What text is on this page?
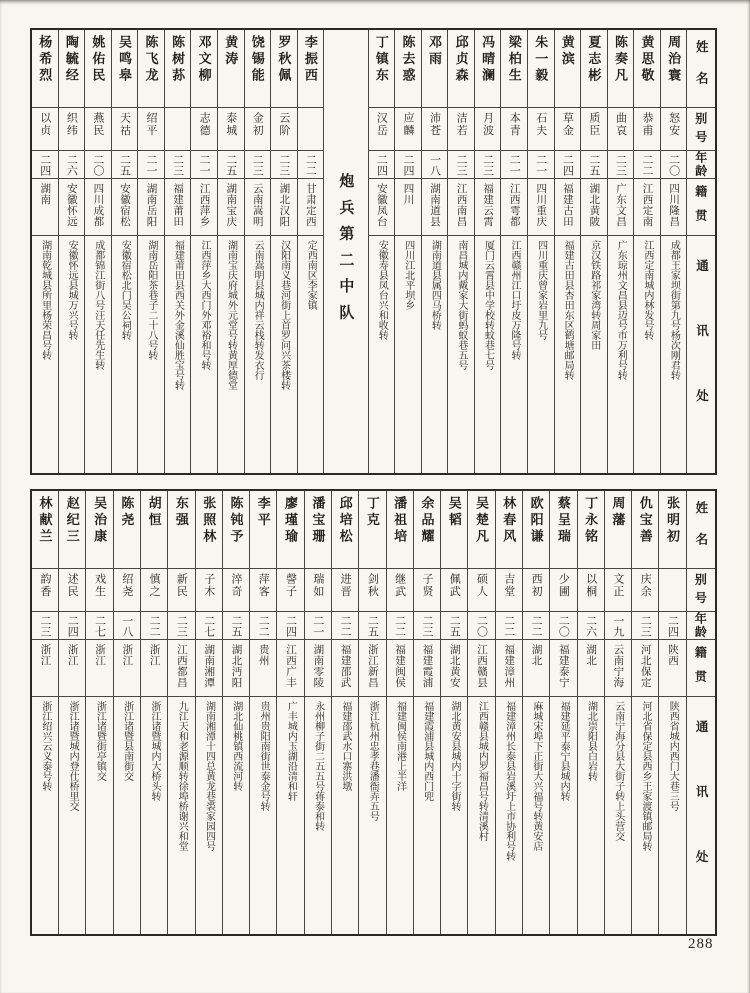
姓名
别号
年龄
籍贯
通讯处
周治寰
怒安
二〇
四川隆昌
成都王家坝街第九号杨次刚君转
黄思敬
恭甫
二二
江西定南
江西定南城内林发号转
陈奏凡
曲哀
二三
广东文昌
广东琼州文昌县迈号市万利号转
夏志彬
质臣
二五
湖北黄陂
京汉铁路祁家湾转周家田
黄滨
草金
二四
福建古田
福建古田县杏田东区鹤塘邮局转
朱一毅
石夫
二一
四川重庆
四川重庆曾家岩里九号
梁柏生
本青
二一
江西雩都
江西赣州江口圩皮万隆号转
冯晴澜
月波
二三
福建云霄
厦门云霄县中学校转蚊巷七号
邱贞森
洁若
二三
江西南昌
南昌城内戴家大街蚂蚁巷五号
邓雨
沛苍
一八
湖南道县
湖南道县属四马桥转
陈去惑
应麟
二四
四川
四川江北平坝乡
丁镇东
汉岳
二四
安徽凤台
安徽寿县凤台兴和收转
炮兵第二中队
李振西
二二
甘肃定西
定西南区李家镇
罗秋佩
云阶
二三
湖北汉阳
汉阳南义巷河街上首罗问兴茶楼转
饶锡能
金初
二三
云南嵩明
云南嵩明县城内祥云栈转发衣行
黄涛
泰城
二五
湖南宝庆
湖南宝庆府城外元堂号转黄厚德堂
邓文柳
志德
二一
江西萍乡
江西萍乡大西门外邓裕和号转
陈树荪
二三
福建莆田
福建莆田县西关外金溪仙胜宝号转
陈飞龙
绍平
二一
湖南岳阳
湖南岳阳茶巷子二十八号转
吴鸣皋
天祜
二五
安徽宿松
安徽宿松北门吴公祠转
姚佑民
燕民
二〇
四川成都
成都锦江街八号汪天任先生转
陶毓经
织纬
二六
安徽怀远
安徽怀远县城万兴号转
杨希烈
以贞
二四
湖南
湖南乾城县所里杨荣昌号转
姓名
别号
年龄
籍贯
通讯处
张明初
二四
陕西
陕西省城内西门大巷三号
仇宝善
庆余
二三
河北保定
河北省保定县西乡王家渡镇邮局转
周藩
文正
一九
云南宁海
云南宁海分县大街子转上头营交
丁永铭
以桐
二六
湖北
湖北崇阳县白岩转
蔡呈瑞
少圃
二〇
福建泰宁
福建延平泰宁县城内转
欧阳谦
西初
二二
湖北
麻城宋埠下正街大兴福号转黄安店
林春风
吉堂
二二
福建漳州
福建漳州长泰县岩溪圩上市协利号转
吴楚凡
硕人
二〇
江西赣县
江西赣县城内罗福昌号转清溪村
吴韬
佩武
二五
湖北黄安
湖北黄安县城内十字街转
余品耀
子贤
二三
福建霞浦
福建霞浦县城内西门兜
潘祖培
继武
二二
福建闽侯
福建闽侯南港上半洋
丁克
剑秋
二五
浙江新昌
浙江杭州忠孝巷潘衙弄五号
邱培松
进晋
二二
福建邵武
福建邵武水口寨洪墩
潘宝珊
瑞如
二一
湖南零陵
永州柳子街二五五号蒋泰和转
廖瑾瑜
謦子
二四
江西广丰
广丰城内玉湖沿清和轩
李平
萍客
二二
贵州
贵州贵阳南街世泰金号转
陈钝予
淬奇
二五
湖北沔阳
湖北仙桃镇西流河转
张照林
子木
二七
湖南湘潭
湖南湘潭十四总黄龙巷裘家园四号
东强
新民
二三
江西都昌
九江天和老源顺转徐埠桥谢兴和堂
胡恒
慎之
二二
浙江
浙江诸暨城内大桥头转
陈尧
绍尧
一八
浙江
浙江诸暨县南街交
吴治康
戏生
二七
浙江
浙江诸暨街亭镇交
赵纪三
述民
二四
浙江
浙江诸暨城内登仕桥里交
林献兰
韵香
二三
浙江
浙江绍兴云义泰号转
288
